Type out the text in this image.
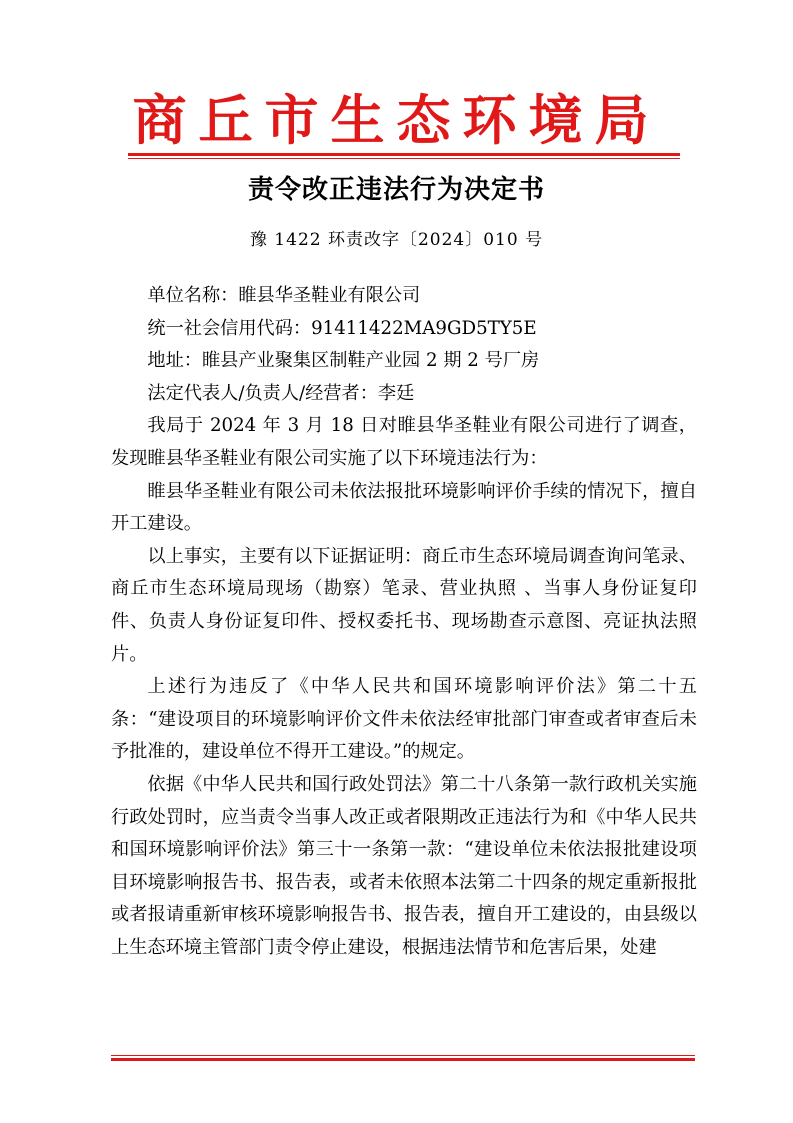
商丘市生态环境局
责令改正违法行为决定书
豫 1422 环责改字〔2024〕010 号

单位名称：睢县华圣鞋业有限公司

统一社会信用代码：91411422MA9GD5TY5E

地址：睢县产业聚集区制鞋产业园 2 期 2 号厂房

法定代表人/负责人/经营者：李廷

我局于 2024 年 3 月 18 日对睢县华圣鞋业有限公司进行了调查，发现睢县华圣鞋业有限公司实施了以下环境违法行为：

睢县华圣鞋业有限公司未依法报批环境影响评价手续的情况下，擅自开工建设。

以上事实，主要有以下证据证明：商丘市生态环境局调查询问笔录、商丘市生态环境局现场（勘察）笔录、营业执照 、当事人身份证复印件、负责人身份证复印件、授权委托书、现场勘查示意图、亮证执法照片。

上述行为违反了《中华人民共和国环境影响评价法》第二十五条：“建设项目的环境影响评价文件未依法经审批部门审查或者审查后未予批准的，建设单位不得开工建设。”的规定。

依据《中华人民共和国行政处罚法》第二十八条第一款行政机关实施行政处罚时，应当责令当事人改正或者限期改正违法行为和《中华人民共和国环境影响评价法》第三十一条第一款：“建设单位未依法报批建设项目环境影响报告书、报告表，或者未依照本法第二十四条的规定重新报批或者报请重新审核环境影响报告书、报告表，擅自开工建设的，由县级以上生态环境主管部门责令停止建设，根据违法情节和危害后果，处建
